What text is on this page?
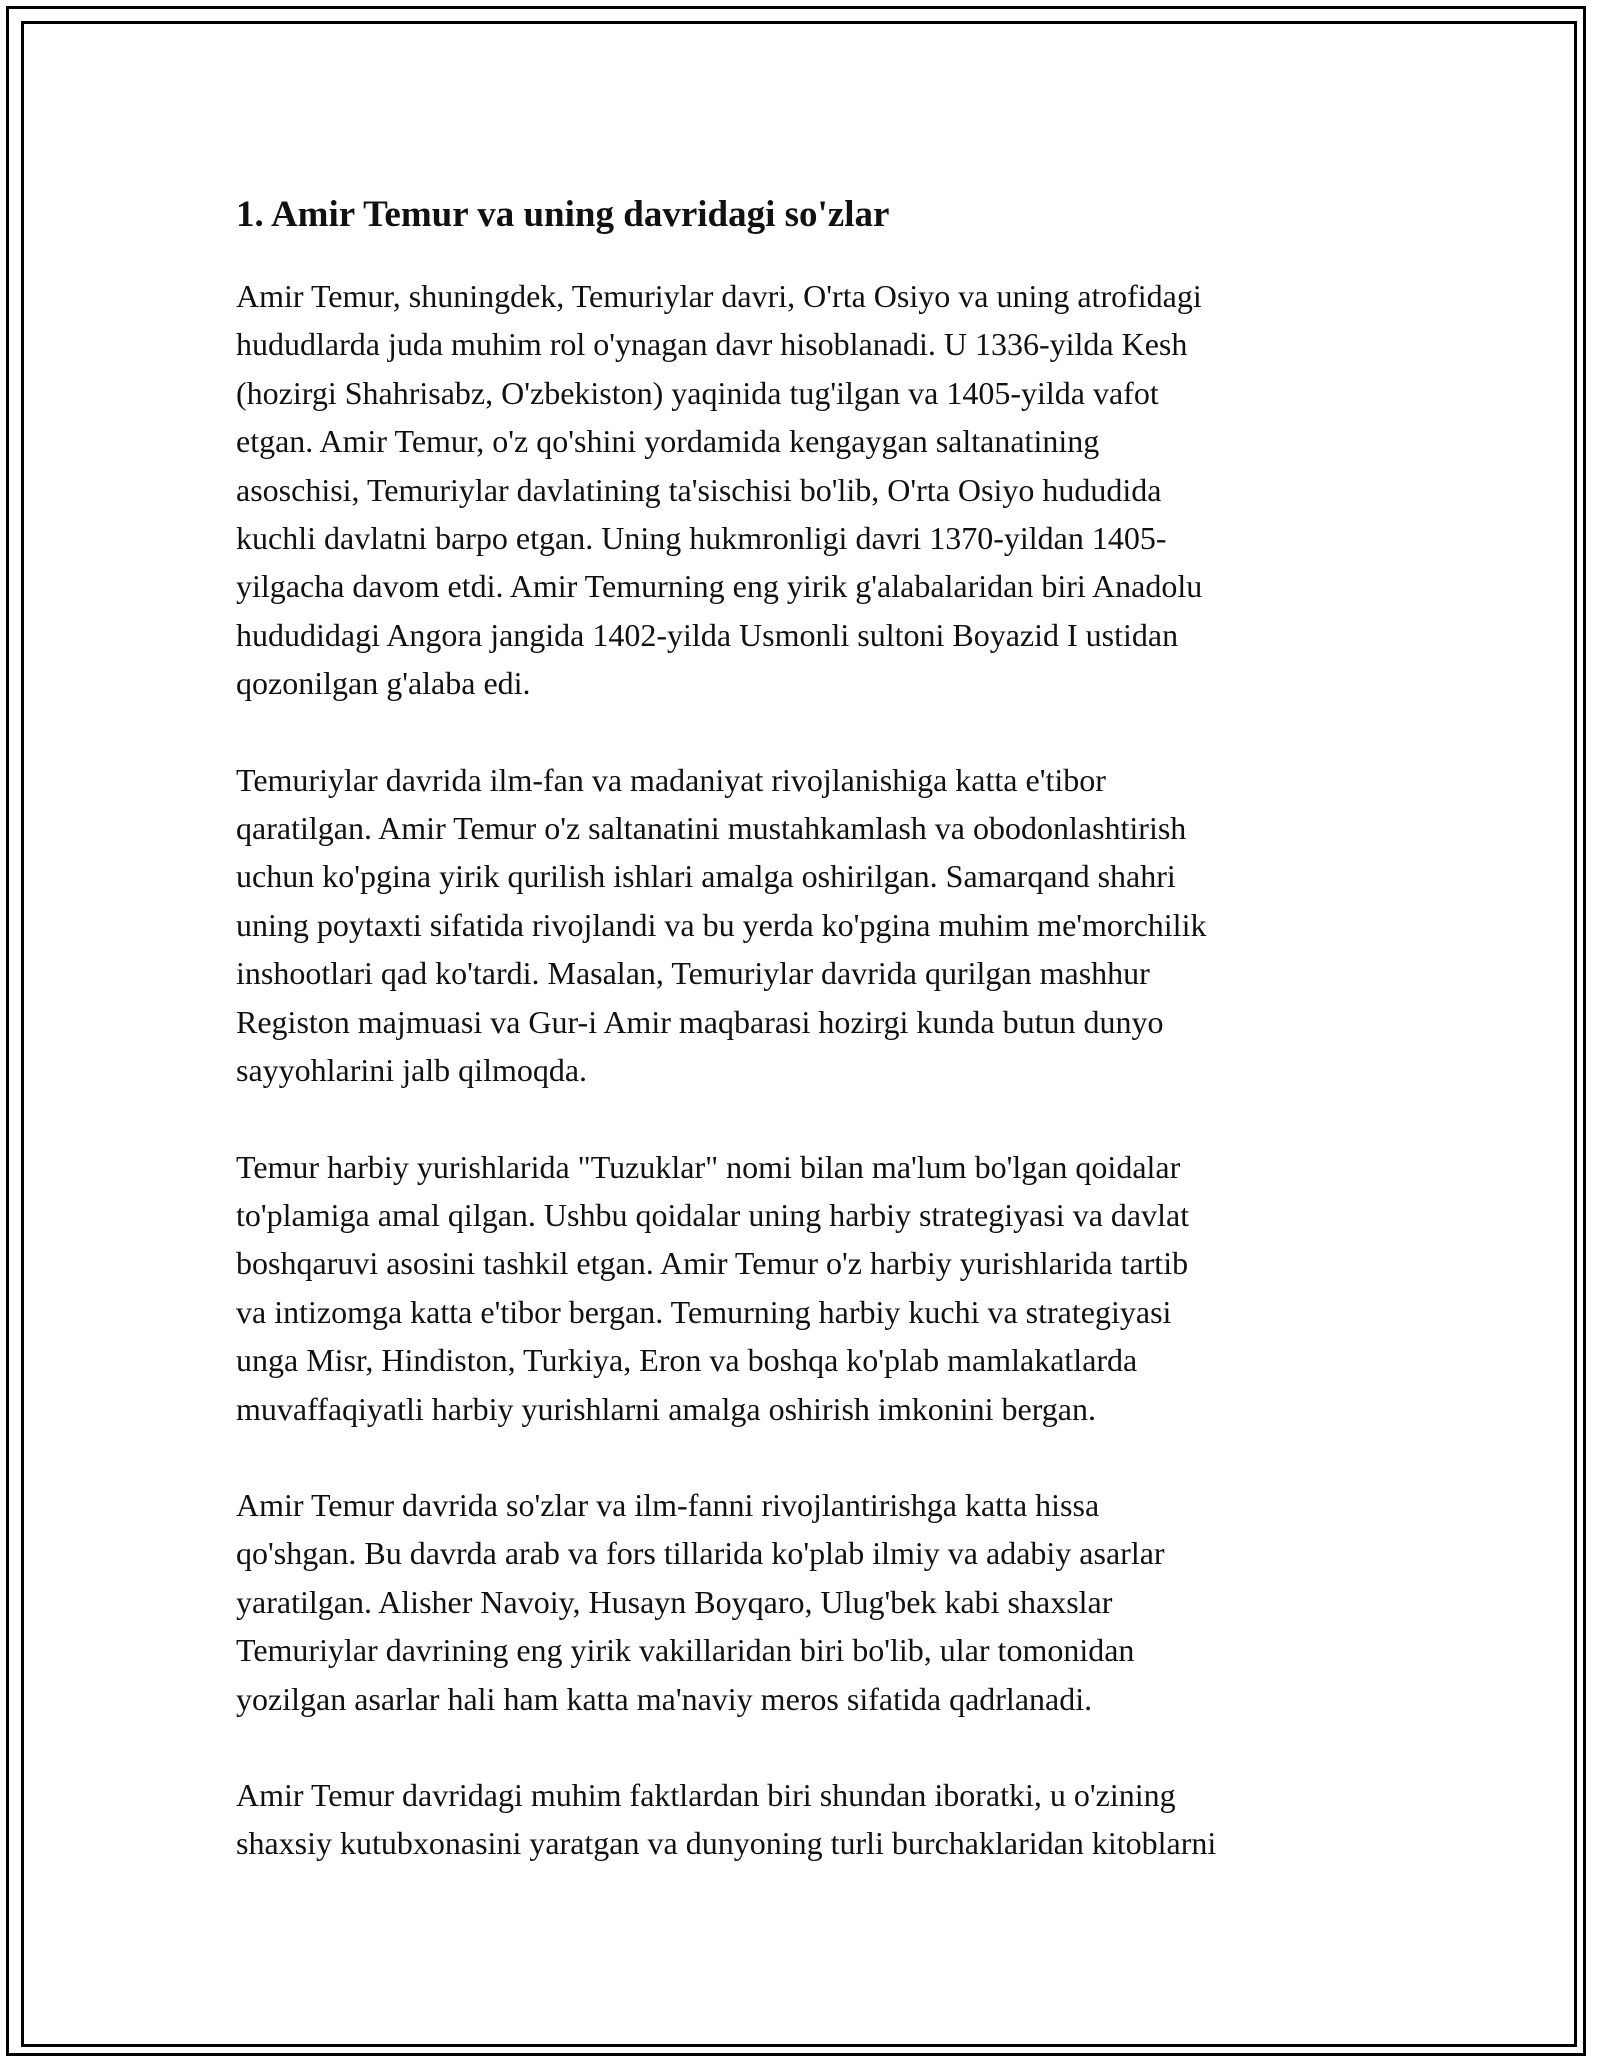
1. Amir Temur va uning davridagi so'zlar

Amir Temur, shuningdek, Temuriylar davri, O'rta Osiyo va uning atrofidagi
hududlarda juda muhim rol o'ynagan davr hisoblanadi. U 1336-yilda Kesh
(hozirgi Shahrisabz, O'zbekiston) yaqinida tug'ilgan va 1405-yilda vafot
etgan. Amir Temur, o'z qo'shini yordamida kengaygan saltanatining
asoschisi, Temuriylar davlatining ta'sischisi bo'lib, O'rta Osiyo hududida
kuchli davlatni barpo etgan. Uning hukmronligi davri 1370-yildan 1405-
yilgacha davom etdi. Amir Temurning eng yirik g'alabalaridan biri Anadolu
hududidagi Angora jangida 1402-yilda Usmonli sultoni Boyazid I ustidan
qozonilgan g'alaba edi.

Temuriylar davrida ilm-fan va madaniyat rivojlanishiga katta e'tibor
qaratilgan. Amir Temur o'z saltanatini mustahkamlash va obodonlashtirish
uchun ko'pgina yirik qurilish ishlari amalga oshirilgan. Samarqand shahri
uning poytaxti sifatida rivojlandi va bu yerda ko'pgina muhim me'morchilik
inshootlari qad ko'tardi. Masalan, Temuriylar davrida qurilgan mashhur
Registon majmuasi va Gur-i Amir maqbarasi hozirgi kunda butun dunyo
sayyohlarini jalb qilmoqda.

Temur harbiy yurishlarida "Tuzuklar" nomi bilan ma'lum bo'lgan qoidalar
to'plamiga amal qilgan. Ushbu qoidalar uning harbiy strategiyasi va davlat
boshqaruvi asosini tashkil etgan. Amir Temur o'z harbiy yurishlarida tartib
va intizomga katta e'tibor bergan. Temurning harbiy kuchi va strategiyasi
unga Misr, Hindiston, Turkiya, Eron va boshqa ko'plab mamlakatlarda
muvaffaqiyatli harbiy yurishlarni amalga oshirish imkonini bergan.

Amir Temur davrida so'zlar va ilm-fanni rivojlantirishga katta hissa
qo'shgan. Bu davrda arab va fors tillarida ko'plab ilmiy va adabiy asarlar
yaratilgan. Alisher Navoiy, Husayn Boyqaro, Ulug'bek kabi shaxslar
Temuriylar davrining eng yirik vakillaridan biri bo'lib, ular tomonidan
yozilgan asarlar hali ham katta ma'naviy meros sifatida qadrlanadi.

Amir Temur davridagi muhim faktlardan biri shundan iboratki, u o'zining
shaxsiy kutubxonasini yaratgan va dunyoning turli burchaklaridan kitoblarni
